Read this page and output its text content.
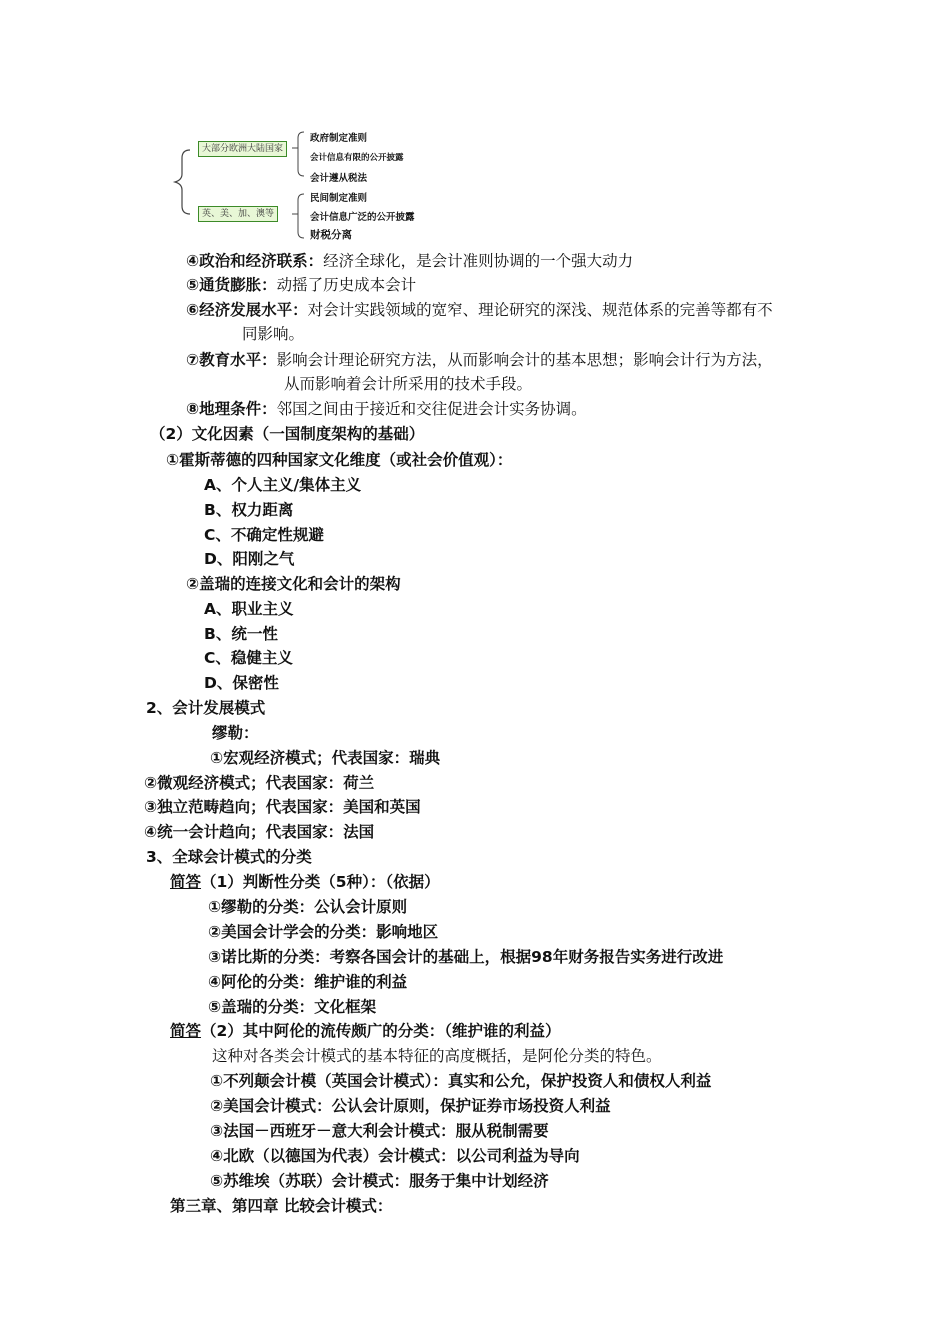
大部分欧洲大陆国家
政府制定准则
会计信息有限的公开披露
会计遵从税法
英、美、加、澳等
民间制定准则
会计信息广泛的公开披露
财税分离
④政治和经济联系：经济全球化，是会计准则协调的一个强大动力
⑤通货膨胀：动摇了历史成本会计
⑥经济发展水平：对会计实践领域的宽窄、理论研究的深浅、规范体系的完善等都有不
同影响。
⑦教育水平：影响会计理论研究方法，从而影响会计的基本思想；影响会计行为方法，
从而影响着会计所采用的技术手段。
⑧地理条件：邻国之间由于接近和交往促进会计实务协调。
（2）文化因素（一国制度架构的基础）
①霍斯蒂德的四种国家文化维度（或社会价值观）：
A、个人主义/集体主义
B、权力距离
C、不确定性规避
D、阳刚之气
②盖瑞的连接文化和会计的架构
A、职业主义
B、统一性
C、稳健主义
D、保密性
2、会计发展模式
缪勒：
①宏观经济模式；代表国家：瑞典
②微观经济模式；代表国家：荷兰
③独立范畴趋向；代表国家：美国和英国
④统一会计趋向；代表国家：法国
3、全球会计模式的分类
简答（1）判断性分类（5种）：（依据）
①缪勒的分类：公认会计原则
②美国会计学会的分类：影响地区
③诺比斯的分类：考察各国会计的基础上，根据98年财务报告实务进行改进
④阿伦的分类：维护谁的利益
⑤盖瑞的分类：文化框架
简答（2）其中阿伦的流传颇广的分类：（维护谁的利益）
这种对各类会计模式的基本特征的高度概括，是阿伦分类的特色。
①不列颠会计模（英国会计模式）：真实和公允，保护投资人和债权人利益
②美国会计模式：公认会计原则，保护证券市场投资人利益
③法国－西班牙－意大利会计模式：服从税制需要
④北欧（以德国为代表）会计模式：以公司利益为导向
⑤苏维埃（苏联）会计模式：服务于集中计划经济
第三章、第四章 比较会计模式：
